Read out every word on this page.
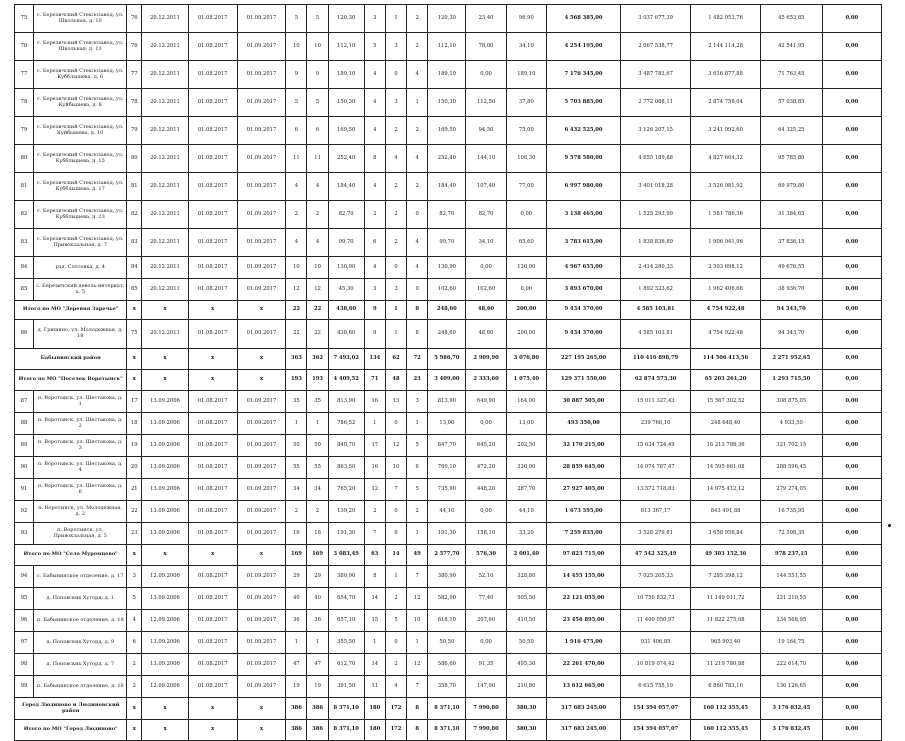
75	с. Березичский Стеклозавод, ул. Школьная, д. 10	76	20.12.2011	01.08.2017	01.09.2017	5	5	120,30	3	1	2	120,30	23,40	96,90	4 568 385,00	3 037 677,39	1 482 053,76	45 653,85	0,00
76	с. Березичский Стеклозавод, ул. Школьная, д. 13	76	20.12.2011	01.08.2017	01.09.2017	10	10	112,10	5	3	2	112,10	78,00	34,10	4 254 195,00	2 067 538,77	2 144 114,28	42 541,95	0,00
77	с. Березичский Стеклозавод, ул. Кубблышева, д. 6	77	20.12.2011	01.08.2017	01.09.2017	9	9	189,10	4	0	4	189,10	0,00	189,10	7 176 345,00	3 487 783,67	3 616 877,88	71 763,45	0,00
78	с. Березичский Стеклозавод, ул. Куйбышева, д. 8	78	20.12.2011	01.08.2017	01.09.2017	5	5	150,30	4	3	1	150,30	112,50	37,80	5 703 885,00	2 772 088,11	2 874 758,04	57 038,85	0,00
79	с. Березичский Стеклозавод, ул. Куйбышева, д. 10	79	20.12.2011	01.08.2017	01.09.2017	6	6	169,50	4	2	2	169,50	94,50	75,00	6 432 525,00	3 126 207,15	3 241 992,60	64 325,25	0,00
80	с. Березичский Стеклозавод, ул. Кубблышева, д. 15	80	20.12.2011	01.08.2017	01.09.2017	11	11	252,40	8	4	4	252,40	144,10	108,30	9 578 580,00	4 655 189,88	4 827 604,32	95 785,80	0,00
81	с. Березичский Стеклозавод, ул. Кубблышева, д. 17	81	20.12.2011	01.08.2017	01.09.2017	4	4	184,40	4	2	2	184,40	107,40	77,00	6 997 980,00	3 401 018,28	3 526 981,92	69 979,80	0,00
82	с. Березичский Стеклозавод, ул. Кубблышева, д. 23	82	20.12.2011	01.08.2017	01.09.2017	2	2	82,70	2	2	0	82,70	82,70	0,00	3 138 465,00	1 525 293,99	1 581 786,36	31 384,65	0,00
83	с. Березичский Стеклозавод, ул. Привокзальная, д. 7	83	20.12.2011	01.08.2017	01.09.2017	4	4	99,70	6	2	4	99,70	34,10	65,60	3 783 615,00	1 838 836,89	1 906 941,96	37 836,15	0,00
84	рзд. Слотовка, д. 4	84	20.12.2011	01.08.2017	01.09.2017	10	10	130,90	4	0	4	130,90	0,00	130,90	4 967 655,00	2 414 280,33	2 503 698,12	49 676,55	0,00
85	с. Березичский деволь-интернат, д. 5	85	20.12.2011	01.08.2017	01.09.2017	12	12	45,30	3	3	0	102,60	102,60	0,00	3 893 670,00	1 892 323,62	1 962 406,68	38 936,70	0,00
Итого по МО "Деревня Заречье"		x	x	x	x	22	22	438,60	9	1	8	248,60	48,60	200,00	9 434 370,00	4 585 103,81	4 754 922,48	94 343,70	0,00
86	д. Гришино, ул. Молодежная, д. 18	75	20.12.2011	01.08.2017	01.09.2017	22	22	438,60	9	1	8	248,60	48,60	200,00	9 434 370,00	4 585 103,81	4 754 922,48	94 343,70	0,00
Бабынинский район		x	x	x	x	363	362	7 493,02	134	62	72	5 986,70	2 909,90	3 076,80	227 195 265,00	110 416 898,79	114 506 413,56	2 271 952,65	0,00
Итого по МО "Поселок Воротынск"		x	x	x	x	193	193	4 409,52	71	48	23	3 409,00	2 333,60	1 075,40	129 371 550,00	62 874 573,30	65 203 261,20	1 293 715,50	0,00
87	п. Воротынск, ул. Шестакова, д. 1	17	13.09.2006	01.08.2017	01.09.2017	35	35	813,90	16	13	3	813,90	649,90	164,00	30 887 505,00	15 011 327,43	15 567 302,52	308 875,05	0,00
88	п. Воротынск, ул. Шестакова, д. 2	18	13.09.2006	01.08.2017	01.09.2017	1	1	786,52	1	0	1	13,00	0,00	13,00	493 350,00	239 768,10	248 648,40	4 933,50	0,00
89	п. Воротынск, ул. Шестакова, д. 3	19	13.09.2006	01.08.2017	01.09.2017	50	50	840,70	17	12	5	847,70	645,20	202,50	32 170 215,00	15 634 724,49	16 213 788,36	321 702,15	0,00
90	п. Воротынск, ул. Шестакова, д. 4	20	13.09.2006	01.08.2017	01.09.2017	55	55	863,50	16	10	6	760,10	472,20	330,90	28 859 645,00	14 074 787,47	14 595 661,08	288 596,45	0,00
91	п. Воротынск, ул. Шестакова, д. 6	21	13.09.2006	01.08.2017	01.09.2017	34	34	765,20	12	7	5	735,90	448,20	287,70	27 927 405,00	13 572 718,83	14 075 412,12	279 274,05	0,00
92	п. Воротынск, ул. Молодежная, д. 2	22	13.09.2006	01.08.2017	01.09.2017	2	2	139,20	2	0	2	44,10	0,00	44,10	1 673 595,00	813 367,17	843 491,88	16 735,95	0,00
93	п. Воротынск, ул. Привокзальная, д. 5	23	13.09.2006	01.08.2017	01.09.2017	16	16	191,30	7	6	1	191,30	158,10	33,20	7 259 835,00	3 528 279,81	3 658 956,84	72 598,35	0,00
Итого по МО "Село Муромцево"		x	x	x	x	169	169	3 083,49	63	14	49	2 577,70	576,30	2 001,40	97 823 715,00	47 542 325,49	49 303 152,36	978 237,15	0,00
94	с. Бабынинское отделение, д. 17	3	12.09.2006	01.08.2017	01.09.2017	29	29	380,90	8	1	7	380,90	52,10	328,80	14 455 155,00	7 025 205,33	7 285 398,12	144 551,55	0,00
95	д. Поповских Хуторд, д. 1	5	13.09.2006	01.08.2017	01.09.2017	40	40	654,70	14	2	12	582,90	77,40	505,50	22 121 055,00	10 750 832,73	11 149 011,72	221 210,55	0,00
96	п. Бабынинское отделение, д. 18	4	12.09.2006	01.08.2017	01.09.2017	36	36	657,10	15	5	10	618,10	207,60	410,50	23 456 895,00	11 400 050,97	11 822 275,08	234 568,95	0,00
97	д. Поповских Хуторд, д. 9	6	13.09.2006	01.08.2017	01.09.2017	1	1	355,50	1	0	1	50,50	0,00	50,50	1 916 475,00	931 406,85	965 903,40	19 164,75	0,00
98	д. Поповских Хуторд, д. 7	2	13.09.2006	01.08.2017	01.09.2017	47	47	612,70	14	2	12	586,60	91,35	495,30	22 261 470,00	10 819 074,42	11 219 780,88	222 614,70	0,00
99	п. Бабынинское отделение, д. 16	2	12.09.2006	01.08.2017	01.09.2017	19	19	391,50	11	4	7	358,70	147,90	210,80	13 612 665,00	6 615 755,19	6 860 783,16	136 126,65	0,00
Город Людиново и Людиновский район		x	x	x	x	386	386	8 371,10	180	172	8	8 371,10	7 990,80	380,30	317 683 245,00	154 394 057,07	160 112 355,45	3 176 832,45	0,00
Итого по МО "Город Людиново"		x	x	x	x	386	386	8 371,10	180	172	8	8 371,10	7 990,80	380,30	317 683 245,00	154 394 057,07	160 112 355,45	3 176 832,45	0,00
